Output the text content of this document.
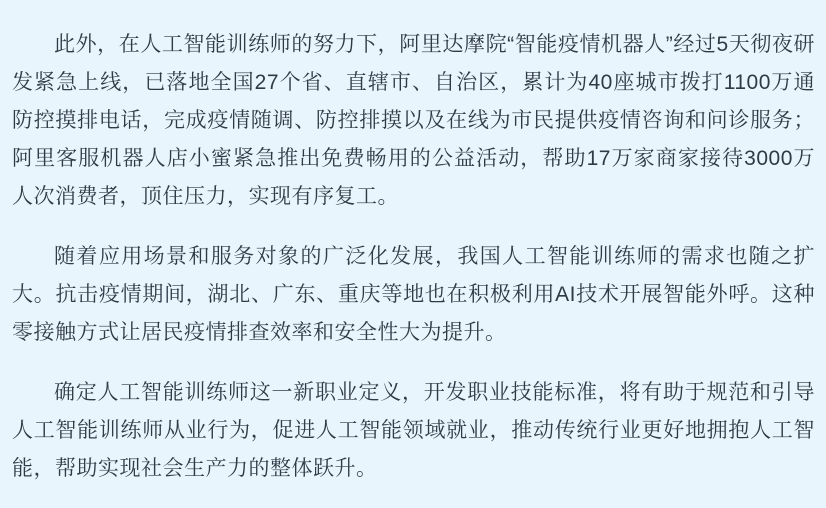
此外，在人工智能训练师的努力下，阿里达摩院“智能疫情机器人”经过5天彻夜研发紧急上线，已落地全国27个省、直辖市、自治区，累计为40座城市拨打1100万通防控摸排电话，完成疫情随调、防控排摸以及在线为市民提供疫情咨询和问诊服务；阿里客服机器人店小蜜紧急推出免费畅用的公益活动，帮助17万家商家接待3000万人次消费者，顶住压力，实现有序复工。

随着应用场景和服务对象的广泛化发展，我国人工智能训练师的需求也随之扩大。抗击疫情期间，湖北、广东、重庆等地也在积极利用AI技术开展智能外呼。这种零接触方式让居民疫情排查效率和安全性大为提升。

确定人工智能训练师这一新职业定义，开发职业技能标准，将有助于规范和引导人工智能训练师从业行为，促进人工智能领域就业，推动传统行业更好地拥抱人工智能，帮助实现社会生产力的整体跃升。
